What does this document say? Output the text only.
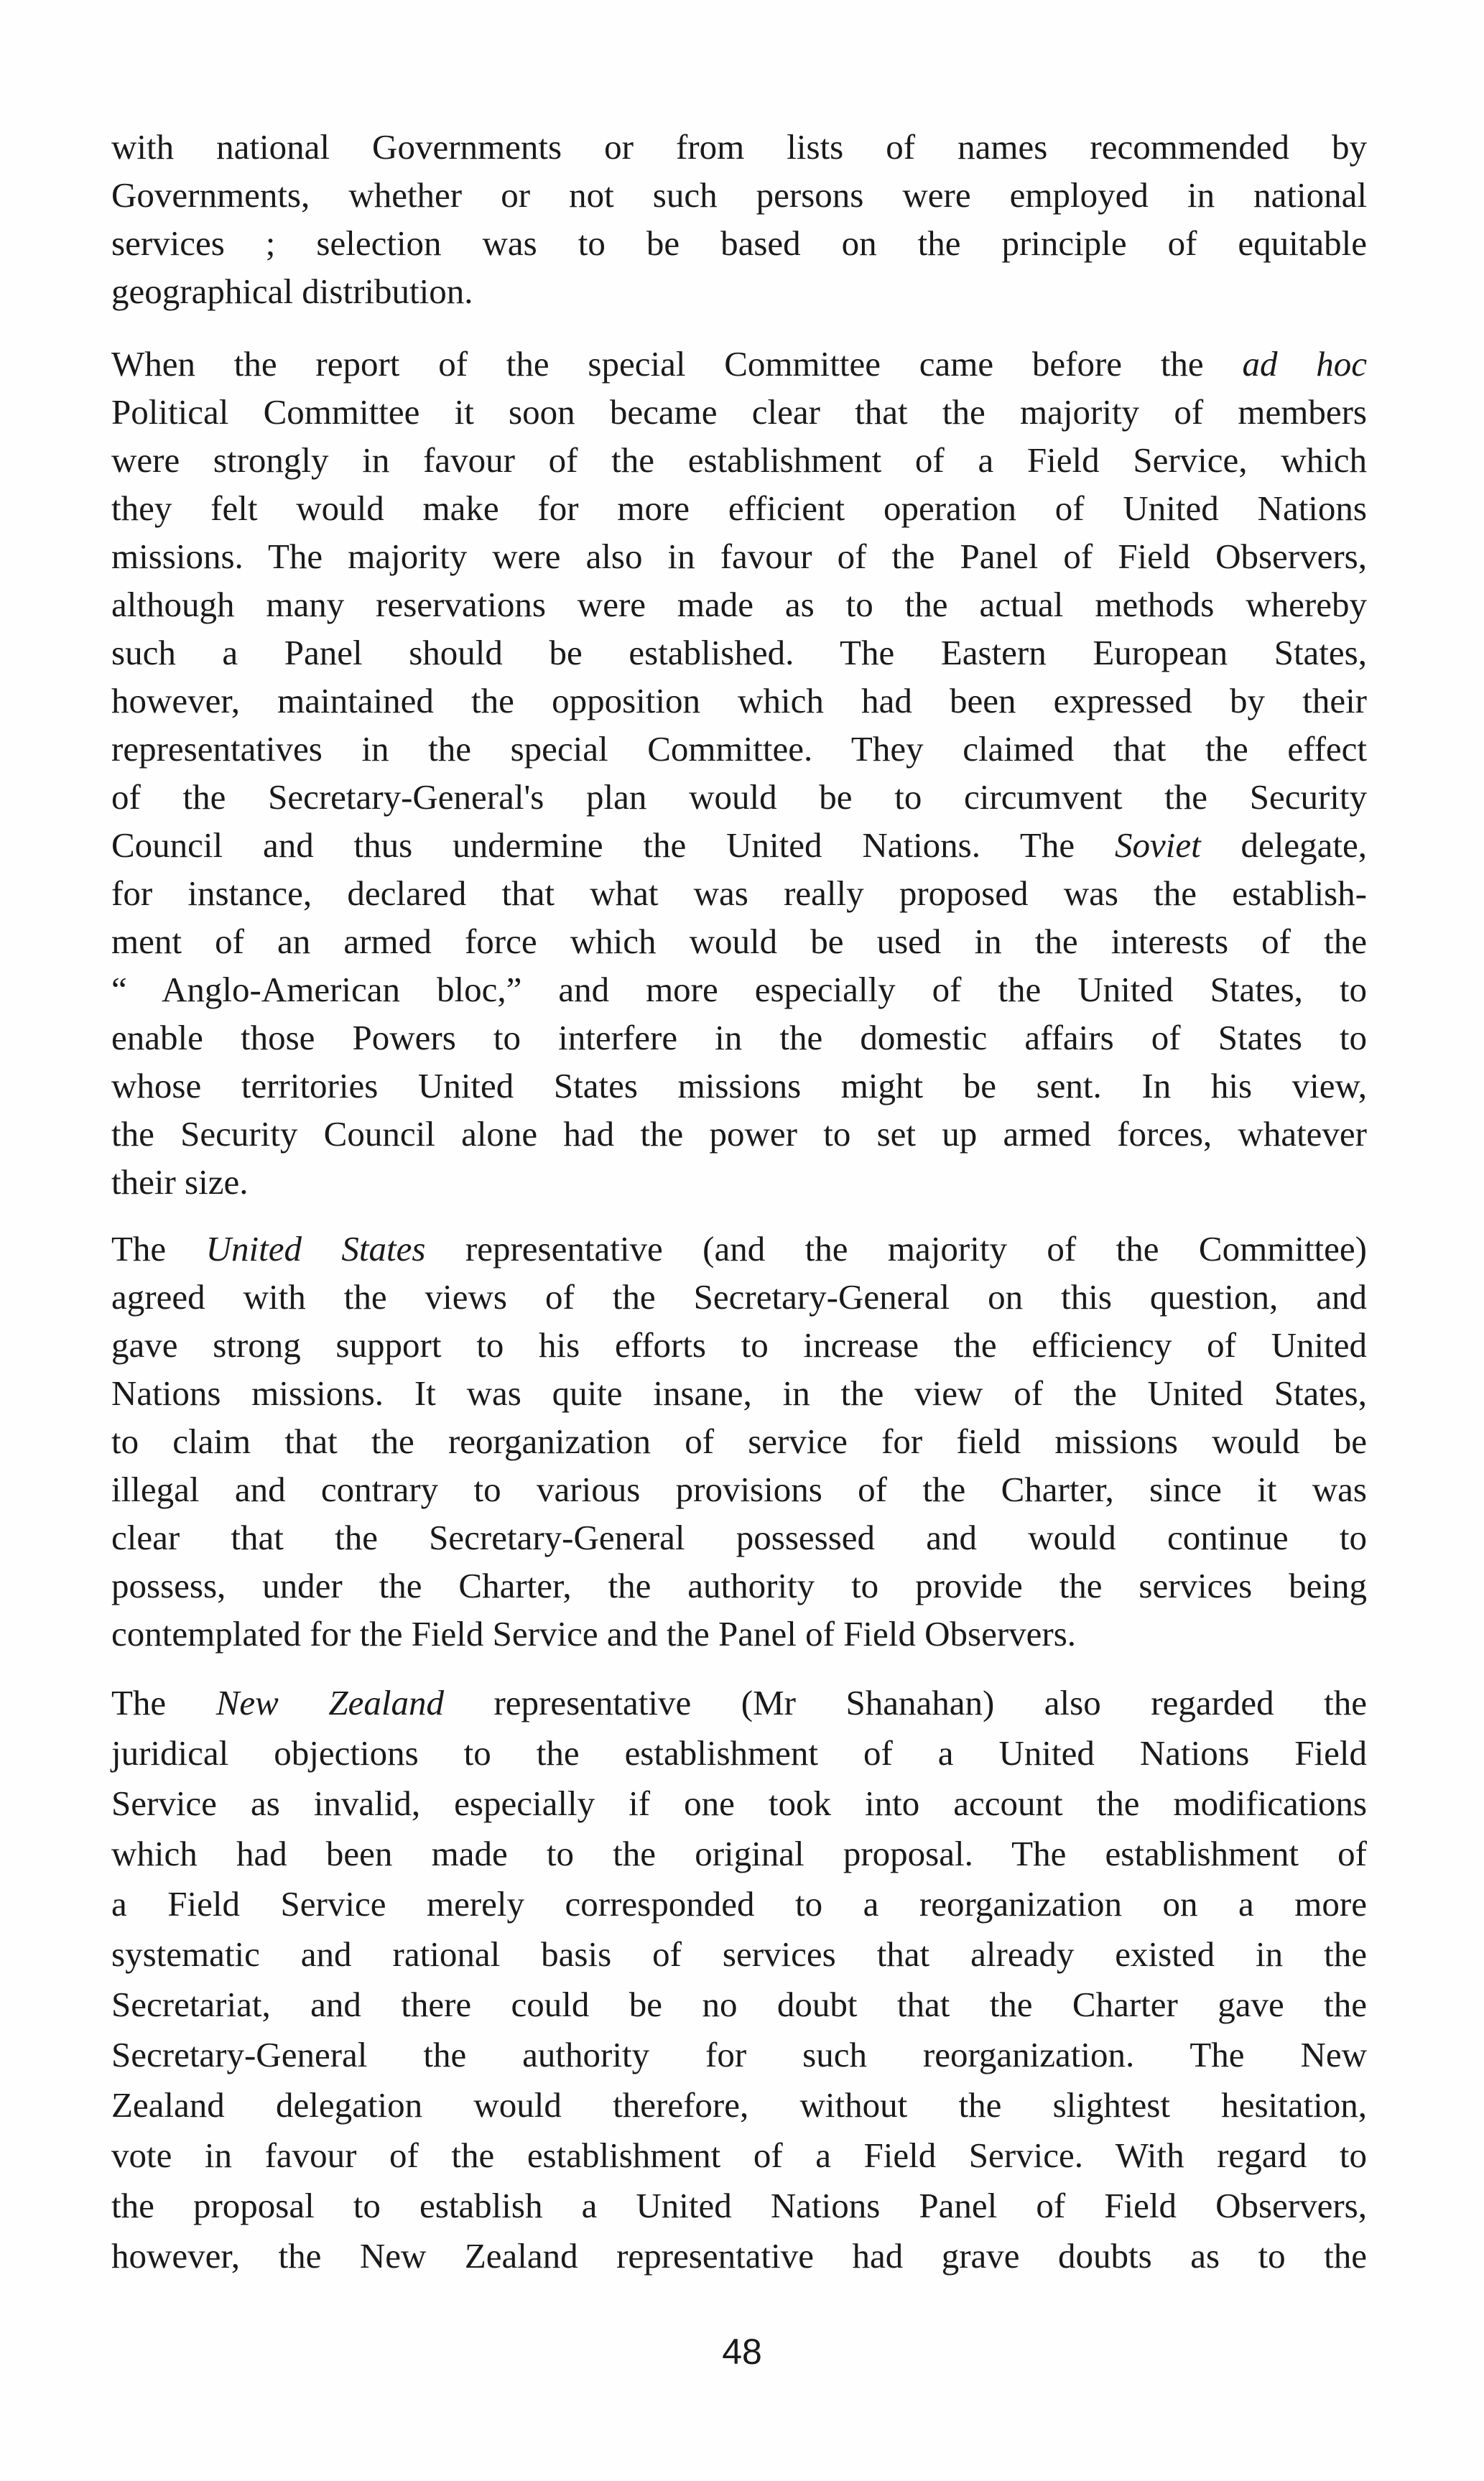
with national Governments or from lists of names recommended by
Governments, whether or not such persons were employed in national
services ; selection was to be based on the principle of equitable
geographical distribution.
When the report of the special Committee came before the ad hoc
Political Committee it soon became clear that the majority of members
were strongly in favour of the establishment of a Field Service, which
they felt would make for more efficient operation of United Nations
missions. The majority were also in favour of the Panel of Field Observers,
although many reservations were made as to the actual methods whereby
such a Panel should be established. The Eastern European States,
however, maintained the opposition which had been expressed by their
representatives in the special Committee. They claimed that the effect
of the Secretary-General's plan would be to circumvent the Security
Council and thus undermine the United Nations. The Soviet delegate,
for instance, declared that what was really proposed was the establish-
ment of an armed force which would be used in the interests of the
“ Anglo-American bloc,” and more especially of the United States, to
enable those Powers to interfere in the domestic affairs of States to
whose territories United States missions might be sent. In his view,
the Security Council alone had the power to set up armed forces, whatever
their size.
The United States representative (and the majority of the Committee)
agreed with the views of the Secretary-General on this question, and
gave strong support to his efforts to increase the efficiency of United
Nations missions. It was quite insane, in the view of the United States,
to claim that the reorganization of service for field missions would be
illegal and contrary to various provisions of the Charter, since it was
clear that the Secretary-General possessed and would continue to
possess, under the Charter, the authority to provide the services being
contemplated for the Field Service and the Panel of Field Observers.
The New Zealand representative (Mr Shanahan) also regarded the
juridical objections to the establishment of a United Nations Field
Service as invalid, especially if one took into account the modifications
which had been made to the original proposal. The establishment of
a Field Service merely corresponded to a reorganization on a more
systematic and rational basis of services that already existed in the
Secretariat, and there could be no doubt that the Charter gave the
Secretary-General the authority for such reorganization. The New
Zealand delegation would therefore, without the slightest hesitation,
vote in favour of the establishment of a Field Service. With regard to
the proposal to establish a United Nations Panel of Field Observers,
however, the New Zealand representative had grave doubts as to the
48
